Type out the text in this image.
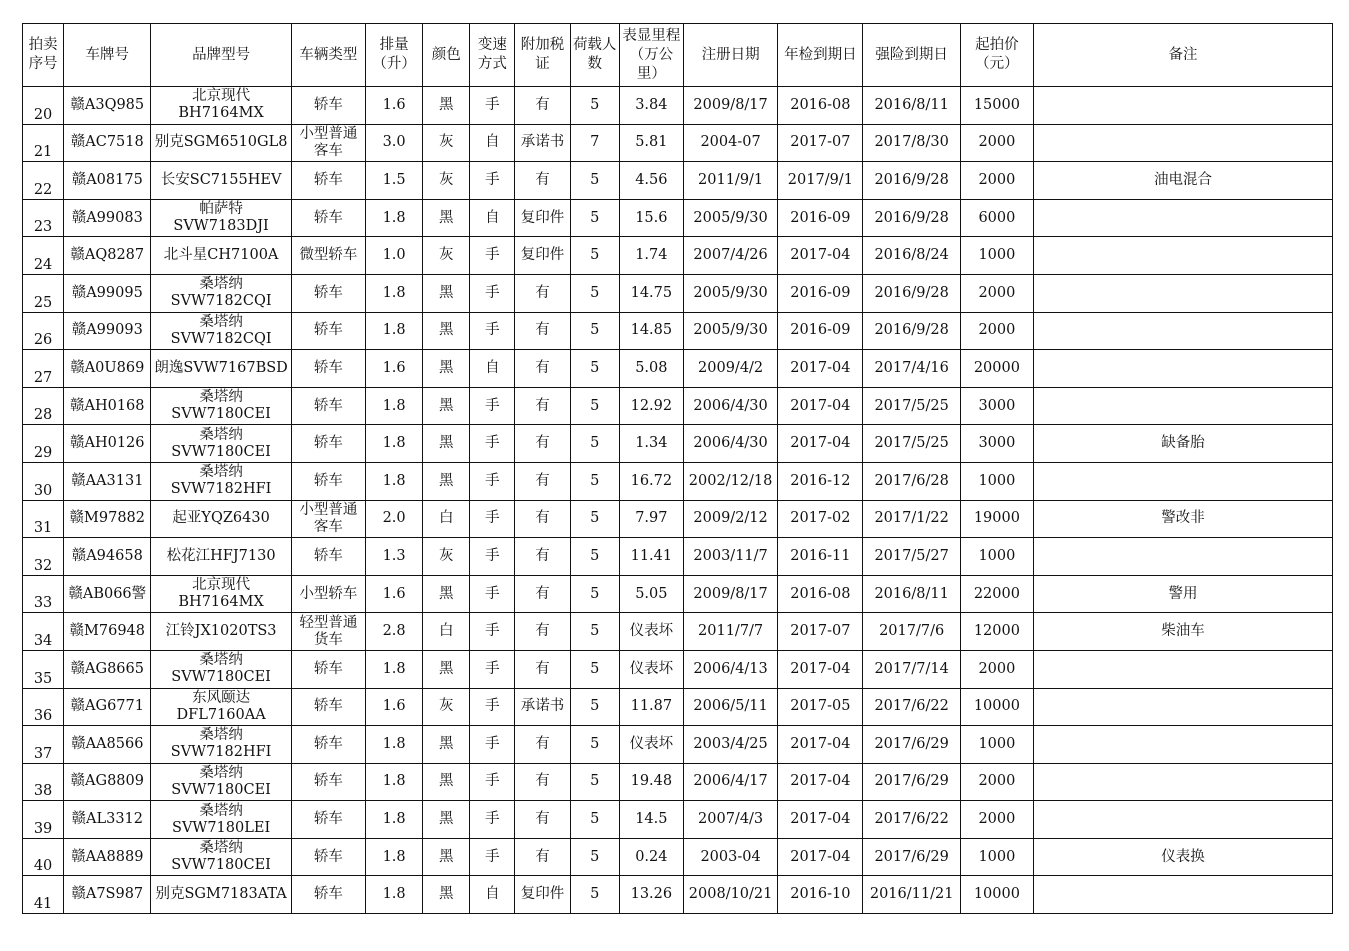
拍卖序号	车牌号	品牌型号	车辆类型	排量（升）	颜色	变速方式	附加税证	荷载人数	表显里程（万公里）	注册日期	年检到期日	强险到期日	起拍价（元）	备注
20	赣A3Q985	北京现代BH7164MX	轿车	1.6	黑	手	有	5	3.84	2009/8/17	2016-08	2016/8/11	15000	
21	赣AC7518	别克SGM6510GL8	小型普通客车	3.0	灰	自	承诺书	7	5.81	2004-07	2017-07	2017/8/30	2000	
22	赣A08175	长安SC7155HEV	轿车	1.5	灰	手	有	5	4.56	2011/9/1	2017/9/1	2016/9/28	2000	油电混合
23	赣A99083	帕萨特SVW7183DJI	轿车	1.8	黑	自	复印件	5	15.6	2005/9/30	2016-09	2016/9/28	6000	
24	赣AQ8287	北斗星CH7100A	微型轿车	1.0	灰	手	复印件	5	1.74	2007/4/26	2017-04	2016/8/24	1000	
25	赣A99095	桑塔纳SVW7182CQI	轿车	1.8	黑	手	有	5	14.75	2005/9/30	2016-09	2016/9/28	2000	
26	赣A99093	桑塔纳SVW7182CQI	轿车	1.8	黑	手	有	5	14.85	2005/9/30	2016-09	2016/9/28	2000	
27	赣A0U869	朗逸SVW7167BSD	轿车	1.6	黑	自	有	5	5.08	2009/4/2	2017-04	2017/4/16	20000	
28	赣AH0168	桑塔纳SVW7180CEI	轿车	1.8	黑	手	有	5	12.92	2006/4/30	2017-04	2017/5/25	3000	
29	赣AH0126	桑塔纳SVW7180CEI	轿车	1.8	黑	手	有	5	1.34	2006/4/30	2017-04	2017/5/25	3000	缺备胎
30	赣AA3131	桑塔纳SVW7182HFI	轿车	1.8	黑	手	有	5	16.72	2002/12/18	2016-12	2017/6/28	1000	
31	赣M97882	起亚YQZ6430	小型普通客车	2.0	白	手	有	5	7.97	2009/2/12	2017-02	2017/1/22	19000	警改非
32	赣A94658	松花江HFJ7130	轿车	1.3	灰	手	有	5	11.41	2003/11/7	2016-11	2017/5/27	1000	
33	赣AB066警	北京现代BH7164MX	小型轿车	1.6	黑	手	有	5	5.05	2009/8/17	2016-08	2016/8/11	22000	警用
34	赣M76948	江铃JX1020TS3	轻型普通货车	2.8	白	手	有	5	仪表坏	2011/7/7	2017-07	2017/7/6	12000	柴油车
35	赣AG8665	桑塔纳SVW7180CEI	轿车	1.8	黑	手	有	5	仪表坏	2006/4/13	2017-04	2017/7/14	2000	
36	赣AG6771	东风颐达DFL7160AA	轿车	1.6	灰	手	承诺书	5	11.87	2006/5/11	2017-05	2017/6/22	10000	
37	赣AA8566	桑塔纳SVW7182HFI	轿车	1.8	黑	手	有	5	仪表坏	2003/4/25	2017-04	2017/6/29	1000	
38	赣AG8809	桑塔纳SVW7180CEI	轿车	1.8	黑	手	有	5	19.48	2006/4/17	2017-04	2017/6/29	2000	
39	赣AL3312	桑塔纳SVW7180LEI	轿车	1.8	黑	手	有	5	14.5	2007/4/3	2017-04	2017/6/22	2000	
40	赣AA8889	桑塔纳SVW7180CEI	轿车	1.8	黑	手	有	5	0.24	2003-04	2017-04	2017/6/29	1000	仪表换
41	赣A7S987	别克SGM7183ATA	轿车	1.8	黑	自	复印件	5	13.26	2008/10/21	2016-10	2016/11/21	10000	
